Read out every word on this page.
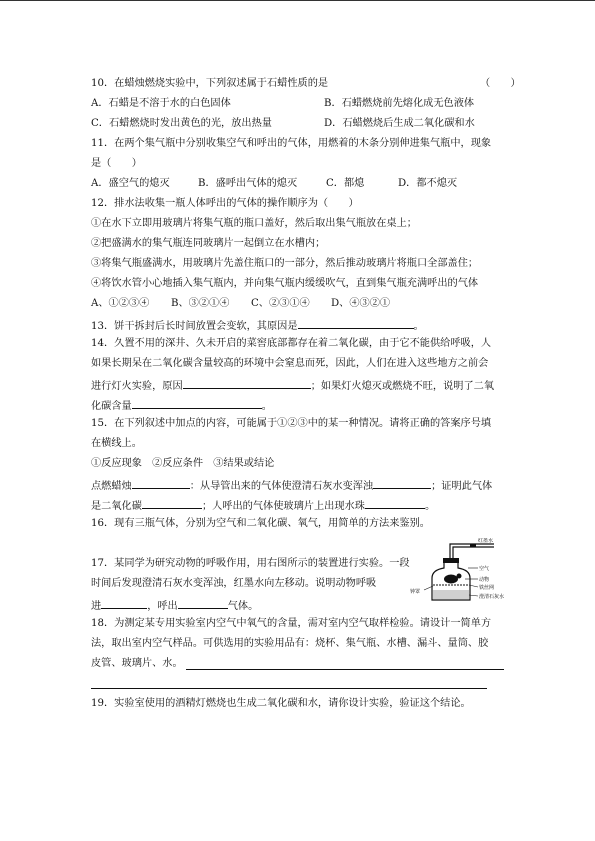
10．在蜡烛燃烧实验中，下列叙述属于石蜡性质的是	（　　）
A．石蜡是不溶于水的白色固体	B．石蜡燃烧前先熔化成无色液体
C．石蜡燃烧时发出黄色的光，放出热量	D．石蜡燃烧后生成二氧化碳和水
11．在两个集气瓶中分别收集空气和呼出的气体，用燃着的木条分别伸进集气瓶中，现象
是（　　）
A．盛空气的熄灭	B．盛呼出气体的熄灭	C．都熄	D．都不熄灭
12．排水法收集一瓶人体呼出的气体的操作顺序为（　　）
①在水下立即用玻璃片将集气瓶的瓶口盖好，然后取出集气瓶放在桌上；
②把盛满水的集气瓶连同玻璃片一起倒立在水槽内；
③将集气瓶盛满水，用玻璃片先盖住瓶口的一部分，然后推动玻璃片将瓶口全部盖住；
④将饮水管小心地插入集气瓶内，并向集气瓶内缓缓吹气，直到集气瓶充满呼出的气体
A、①②③④ B、③②①④ C、②③①④ D、④③②①
13．饼干拆封后长时间放置会变软，其原因是	。
14．久置不用的深井、久未开启的菜窖底部都存在着二氧化碳，由于它不能供给呼吸，人
如果长期呆在二氧化碳含量较高的环境中会窒息而死，因此，人们在进入这些地方之前会
进行灯火实验，原因	；如果灯火熄灭或燃烧不旺，说明了二氧
化碳含量	。
15．在下列叙述中加点的内容，可能属于①②③中的某一种情况。请将正确的答案序号填
在横线上。
①反应现象　②反应条件　③结果或结论
点燃蜡烛	：从导管出来的气体使澄清石灰水变浑浊	；证明此气体
是二氧化碳	；人呼出的气体使玻璃片上出现水珠	。
16．现有三瓶气体，分别为空气和二氧化碳、氧气，用简单的方法来鉴别。
17．某同学为研究动物的呼吸作用，用右图所示的装置进行实验。一段
时间后发现澄清石灰水变浑浊，红墨水向左移动。说明动物呼吸
进	，呼出	气体。
红墨水
空气
动物
铁丝网
澄清石灰水
钟罩
18．为测定某专用实验室内空气中氧气的含量，需对室内空气取样检验。请设计一简单方
法，取出室内空气样品。可供选用的实验用品有：烧杯、集气瓶、水槽、漏斗、量筒、胶
皮管、玻璃片、水。
19．实验室使用的酒精灯燃烧也生成二氧化碳和水，请你设计实验，验证这个结论。
